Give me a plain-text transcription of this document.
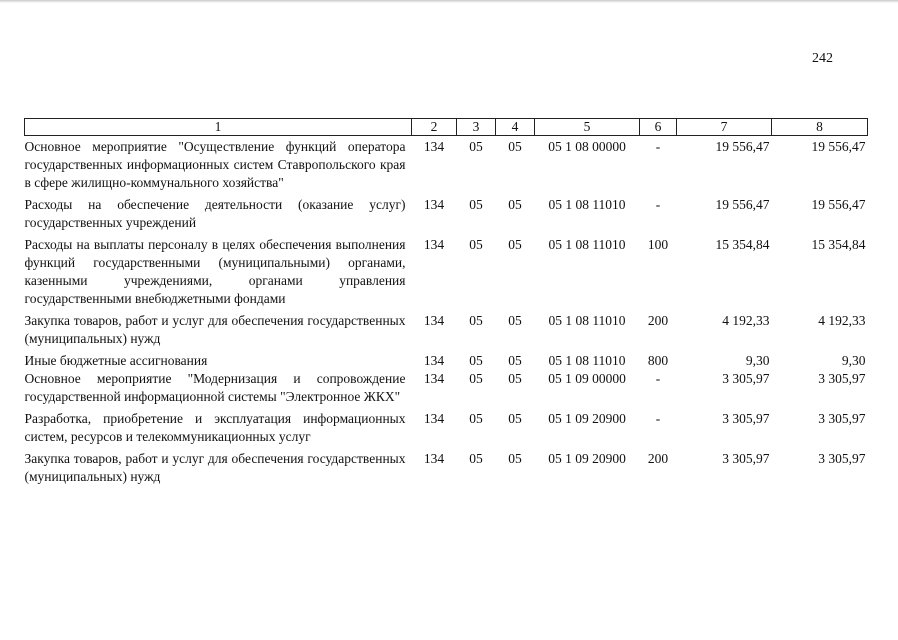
242
1	2	3	4	5	6	7	8
Основное мероприятие "Осуществление функций оператора государственных информационных систем Ставропольского края в сфере жилищно-коммунального хозяйства"	134	05	05	05 1 08 00000	-	19 556,47	19 556,47
Расходы на обеспечение деятельности (оказание услуг) государственных учреждений	134	05	05	05 1 08 11010	-	19 556,47	19 556,47
Расходы на выплаты персоналу в целях обеспечения выполнения функций государственными (муниципальными) органами, казенными учреждениями, органами управления государственными внебюджетными фондами	134	05	05	05 1 08 11010	100	15 354,84	15 354,84
Закупка товаров, работ и услуг для обеспечения государственных (муниципальных) нужд	134	05	05	05 1 08 11010	200	4 192,33	4 192,33
Иные бюджетные ассигнования	134	05	05	05 1 08 11010	800	9,30	9,30
Основное мероприятие "Модернизация и сопровождение государственной информационной системы "Электронное ЖКХ"	134	05	05	05 1 09 00000	-	3 305,97	3 305,97
Разработка, приобретение и эксплуатация информационных систем, ресурсов и телекоммуникационных услуг	134	05	05	05 1 09 20900	-	3 305,97	3 305,97
Закупка товаров, работ и услуг для обеспечения государственных (муниципальных) нужд	134	05	05	05 1 09 20900	200	3 305,97	3 305,97
